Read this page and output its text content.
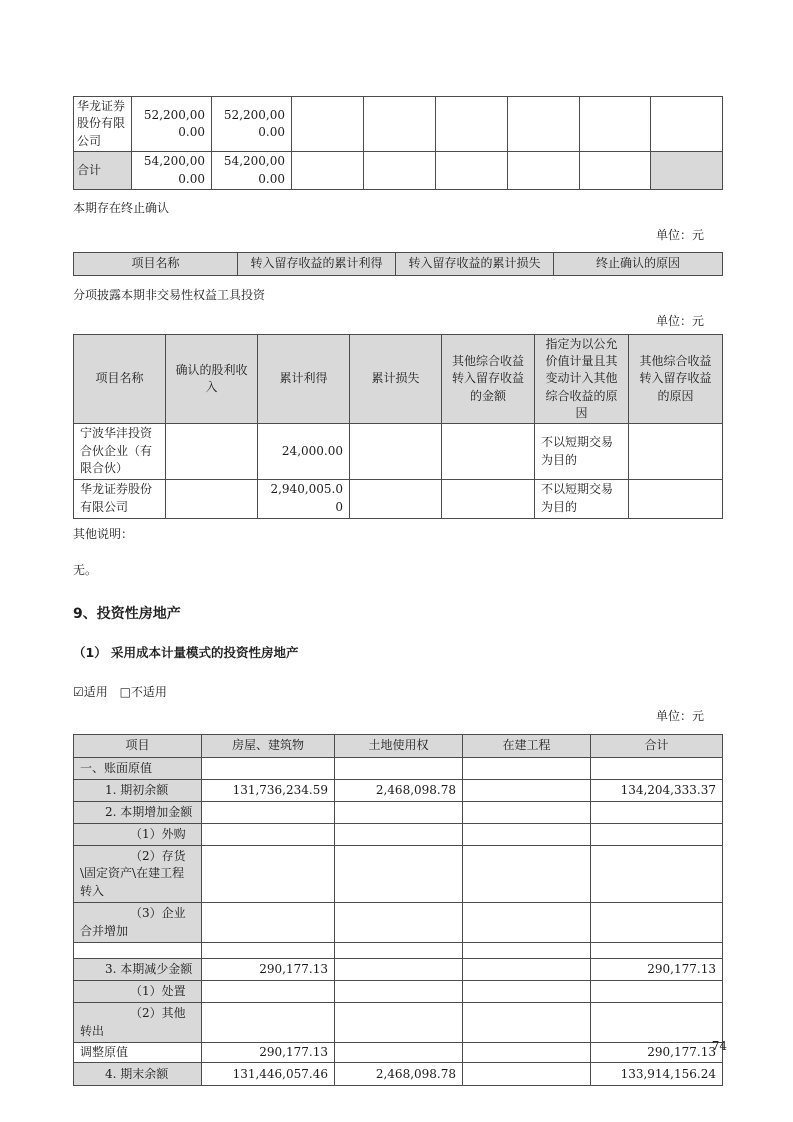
华龙证券股份有限公司	52,200,000.00	52,200,000.00						
合计	54,200,000.00	54,200,000.00						
本期存在终止确认
单位：元
项目名称	转入留存收益的累计利得	转入留存收益的累计损失	终止确认的原因
分项披露本期非交易性权益工具投资
单位：元
项目名称	确认的股利收入	累计利得	累计损失	其他综合收益转入留存收益的金额	指定为以公允价值计量且其变动计入其他综合收益的原因	其他综合收益转入留存收益的原因
宁波华沣投资合伙企业（有限合伙）		24,000.00			不以短期交易为目的	
华龙证券股份有限公司		2,940,005.00			不以短期交易为目的	
其他说明：
无。
9、投资性房地产
（1） 采用成本计量模式的投资性房地产
☑适用 □不适用
单位：元
项目	房屋、建筑物	土地使用权	在建工程	合计
一、账面原值				
1. 期初余额	131,736,234.59	2,468,098.78		134,204,333.37
2. 本期增加金额				
（1）外购				
（2）存货\固定资产\在建工程转入				
（3）企业合并增加				

3. 本期减少金额	290,177.13			290,177.13
（1）处置				
（2）其他转出				
调整原值	290,177.13			290,177.13
4. 期末余额	131,446,057.46	2,468,098.78		133,914,156.24
74
